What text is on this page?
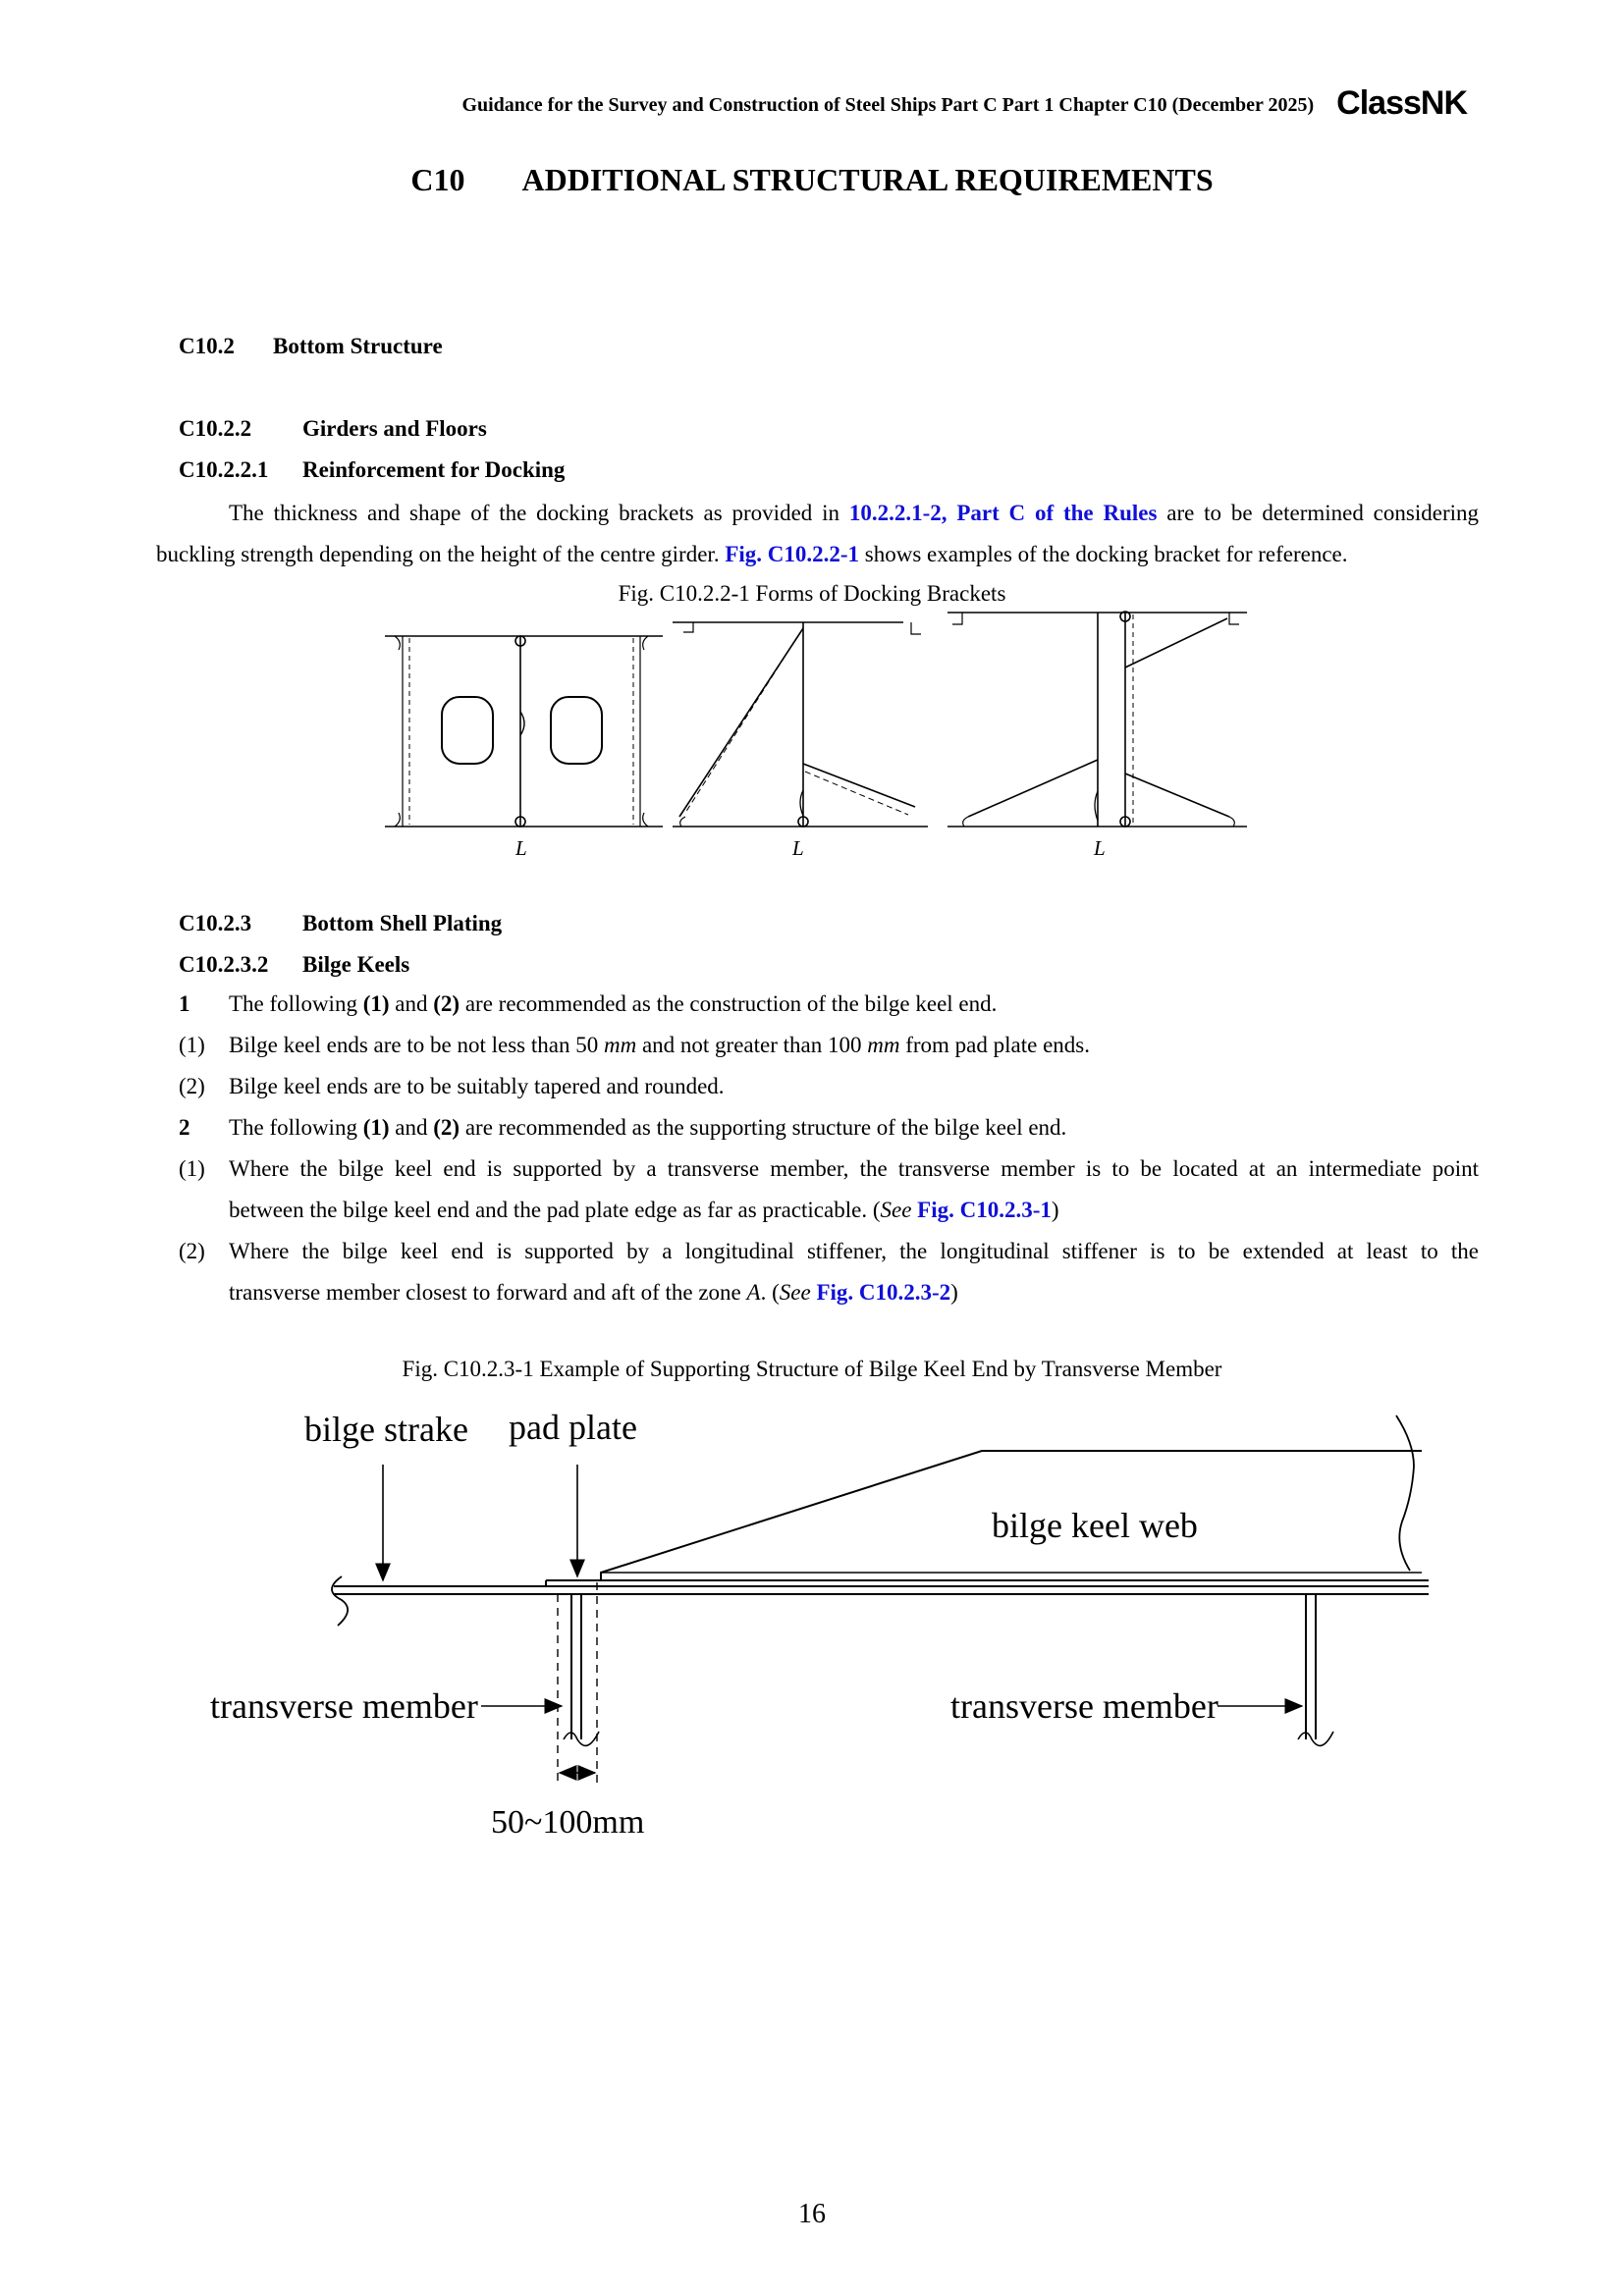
Guidance for the Survey and Construction of Steel Ships Part C Part 1 Chapter C10 (December 2025) ClassNK
C10 ADDITIONAL STRUCTURAL REQUIREMENTS
C10.2 Bottom Structure
C10.2.2 Girders and Floors
C10.2.2.1 Reinforcement for Docking
The thickness and shape of the docking brackets as provided in 10.2.2.1-2, Part C of the Rules are to be determined considering buckling strength depending on the height of the centre girder. Fig. C10.2.2-1 shows examples of the docking bracket for reference.
Fig. C10.2.2-1 Forms of Docking Brackets
L	L	L
C10.2.3 Bottom Shell Plating
C10.2.3.2 Bilge Keels
1 The following (1) and (2) are recommended as the construction of the bilge keel end.
(1) Bilge keel ends are to be not less than 50 mm and not greater than 100 mm from pad plate ends.
(2) Bilge keel ends are to be suitably tapered and rounded.
2 The following (1) and (2) are recommended as the supporting structure of the bilge keel end.
(1) Where the bilge keel end is supported by a transverse member, the transverse member is to be located at an intermediate point
between the bilge keel end and the pad plate edge as far as practicable. (See Fig. C10.2.3-1)
(2) Where the bilge keel end is supported by a longitudinal stiffener, the longitudinal stiffener is to be extended at least to the
transverse member closest to forward and aft of the zone A. (See Fig. C10.2.3-2)
Fig. C10.2.3-1 Example of Supporting Structure of Bilge Keel End by Transverse Member
bilge strake pad plate
bilge keel web
transverse member	transverse member
50~100mm
16
